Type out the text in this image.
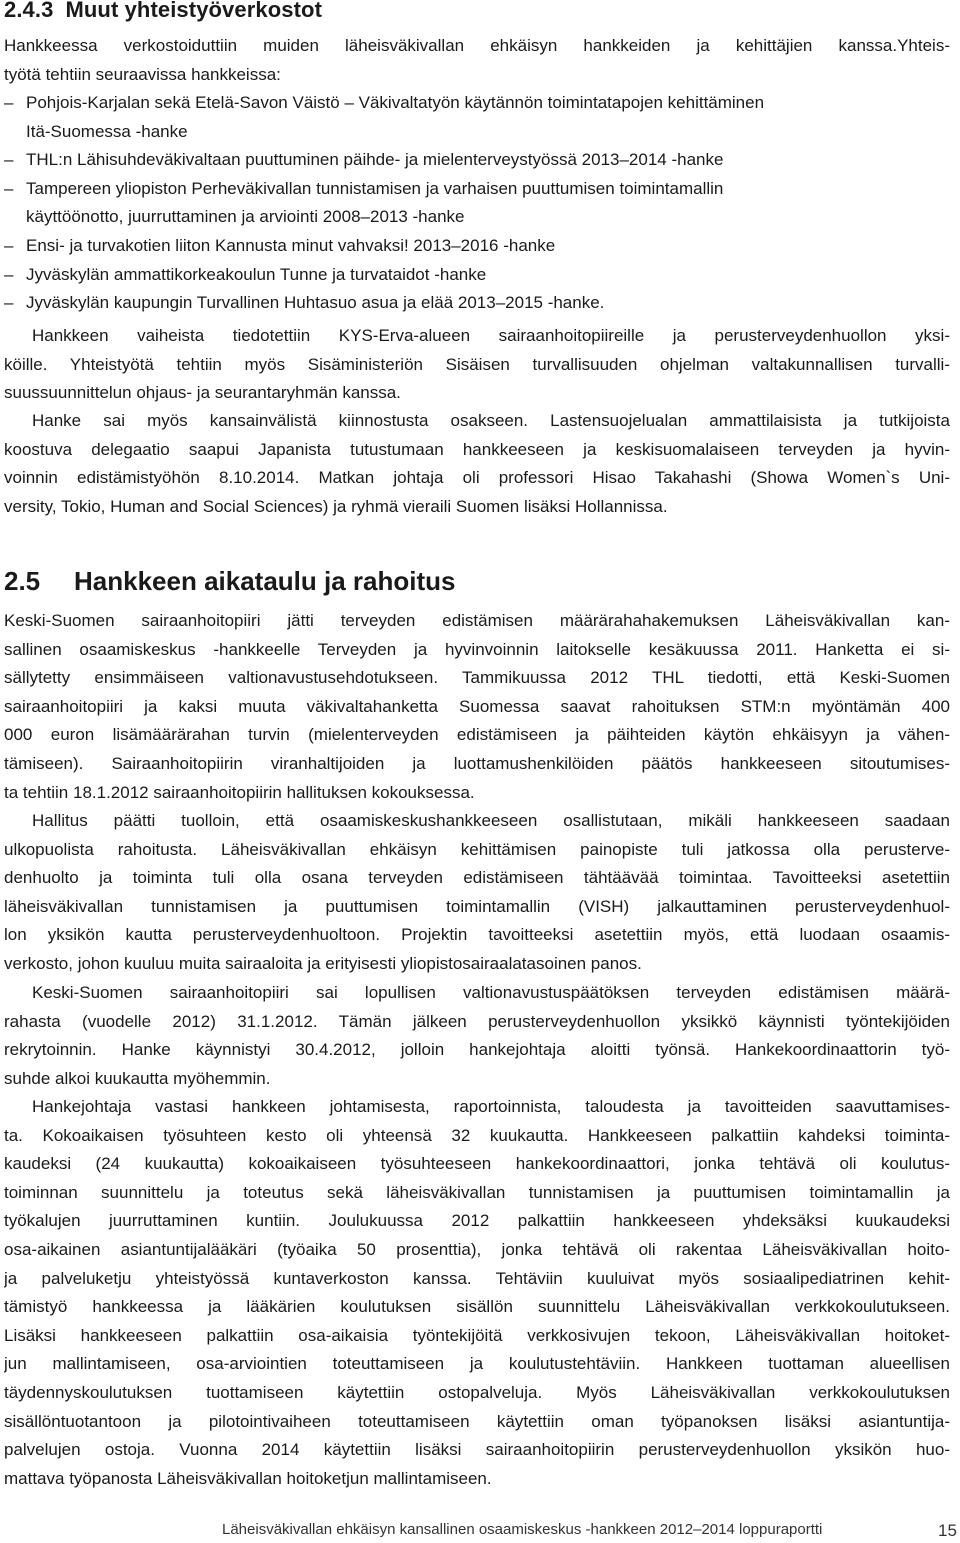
2.4.3 Muut yhteistyöverkostot
Hankkeessa verkostoiduttiin muiden läheisväkivallan ehkäisyn hankkeiden ja kehittäjien kanssa.Yhteis-
työtä tehtiin seuraavissa hankkeissa:
– Pohjois-Karjalan sekä Etelä-Savon Väistö – Väkivaltatyön käytännön toimintatapojen kehittäminen
Itä-Suomessa -hanke
– THL:n Lähisuhdeväkivaltaan puuttuminen päihde- ja mielenterveystyössä 2013–2014 -hanke
– Tampereen yliopiston Perheväkivallan tunnistamisen ja varhaisen puuttumisen toimintamallin
käyttöönotto, juurruttaminen ja arviointi 2008–2013 -hanke
– Ensi- ja turvakotien liiton Kannusta minut vahvaksi! 2013–2016 -hanke
– Jyväskylän ammattikorkeakoulun Tunne ja turvataidot -hanke
– Jyväskylän kaupungin Turvallinen Huhtasuo asua ja elää 2013–2015 -hanke.
Hankkeen vaiheista tiedotettiin KYS-Erva-alueen sairaanhoitopiireille ja perusterveydenhuollon yksi-
köille. Yhteistyötä tehtiin myös Sisäministeriön Sisäisen turvallisuuden ohjelman valtakunnallisen turvalli-
suussuunnittelun ohjaus- ja seurantaryhmän kanssa.
Hanke sai myös kansainvälistä kiinnostusta osakseen. Lastensuojelualan ammattilaisista ja tutkijoista
koostuva delegaatio saapui Japanista tutustumaan hankkeeseen ja keskisuomalaiseen terveyden ja hyvin-
voinnin edistämistyöhön 8.10.2014. Matkan johtaja oli professori Hisao Takahashi (Showa Women`s Uni-
versity, Tokio, Human and Social Sciences) ja ryhmä vieraili Suomen lisäksi Hollannissa.
2.5 Hankkeen aikataulu ja rahoitus
Keski-Suomen sairaanhoitopiiri jätti terveyden edistämisen määrärahahakemuksen Läheisväkivallan kan-
sallinen osaamiskeskus -hankkeelle Terveyden ja hyvinvoinnin laitokselle kesäkuussa 2011. Hanketta ei si-
sällytetty ensimmäiseen valtionavustusehdotukseen. Tammikuussa 2012 THL tiedotti, että Keski-Suomen
sairaanhoitopiiri ja kaksi muuta väkivaltahanketta Suomessa saavat rahoituksen STM:n myöntämän 400
000 euron lisämäärärahan turvin (mielenterveyden edistämiseen ja päihteiden käytön ehkäisyyn ja vähen-
tämiseen). Sairaanhoitopiirin viranhaltijoiden ja luottamushenkilöiden päätös hankkeeseen sitoutumises-
ta tehtiin 18.1.2012 sairaanhoitopiirin hallituksen kokouksessa.
Hallitus päätti tuolloin, että osaamiskeskushankkeeseen osallistutaan, mikäli hankkeeseen saadaan
ulkopuolista rahoitusta. Läheisväkivallan ehkäisyn kehittämisen painopiste tuli jatkossa olla perusterve-
denhuolto ja toiminta tuli olla osana terveyden edistämiseen tähtäävää toimintaa. Tavoitteeksi asetettiin
läheisväkivallan tunnistamisen ja puuttumisen toimintamallin (VISH) jalkauttaminen perusterveydenhuol-
lon yksikön kautta perusterveydenhuoltoon. Projektin tavoitteeksi asetettiin myös, että luodaan osaamis-
verkosto, johon kuuluu muita sairaaloita ja erityisesti yliopistosairaalatasoinen panos.
Keski-Suomen sairaanhoitopiiri sai lopullisen valtionavustuspäätöksen terveyden edistämisen määrä-
rahasta (vuodelle 2012) 31.1.2012. Tämän jälkeen perusterveydenhuollon yksikkö käynnisti työntekijöiden
rekrytoinnin. Hanke käynnistyi 30.4.2012, jolloin hankejohtaja aloitti työnsä. Hankekoordinaattorin työ-
suhde alkoi kuukautta myöhemmin.
Hankejohtaja vastasi hankkeen johtamisesta, raportoinnista, taloudesta ja tavoitteiden saavuttamises-
ta. Kokoaikaisen työsuhteen kesto oli yhteensä 32 kuukautta. Hankkeeseen palkattiin kahdeksi toiminta-
kaudeksi (24 kuukautta) kokoaikaiseen työsuhteeseen hankekoordinaattori, jonka tehtävä oli koulutus-
toiminnan suunnittelu ja toteutus sekä läheisväkivallan tunnistamisen ja puuttumisen toimintamallin ja
työkalujen juurruttaminen kuntiin. Joulukuussa 2012 palkattiin hankkeeseen yhdeksäksi kuukaudeksi
osa-aikainen asiantuntijalääkäri (työaika 50 prosenttia), jonka tehtävä oli rakentaa Läheisväkivallan hoito-
ja palveluketju yhteistyössä kuntaverkoston kanssa. Tehtäviin kuuluivat myös sosiaalipediatrinen kehit-
tämistyö hankkeessa ja lääkärien koulutuksen sisällön suunnittelu Läheisväkivallan verkkokoulutukseen.
Lisäksi hankkeeseen palkattiin osa-aikaisia työntekijöitä verkkosivujen tekoon, Läheisväkivallan hoitoket-
jun mallintamiseen, osa-arviointien toteuttamiseen ja koulutustehtäviin. Hankkeen tuottaman alueellisen
täydennyskoulutuksen tuottamiseen käytettiin ostopalveluja. Myös Läheisväkivallan verkkokoulutuksen
sisällöntuotantoon ja pilotointivaiheen toteuttamiseen käytettiin oman työpanoksen lisäksi asiantuntija-
palvelujen ostoja. Vuonna 2014 käytettiin lisäksi sairaanhoitopiirin perusterveydenhuollon yksikön huo-
mattava työpanosta Läheisväkivallan hoitoketjun mallintamiseen.
Läheisväkivallan ehkäisyn kansallinen osaamiskeskus -hankkeen 2012–2014 loppuraportti	15
